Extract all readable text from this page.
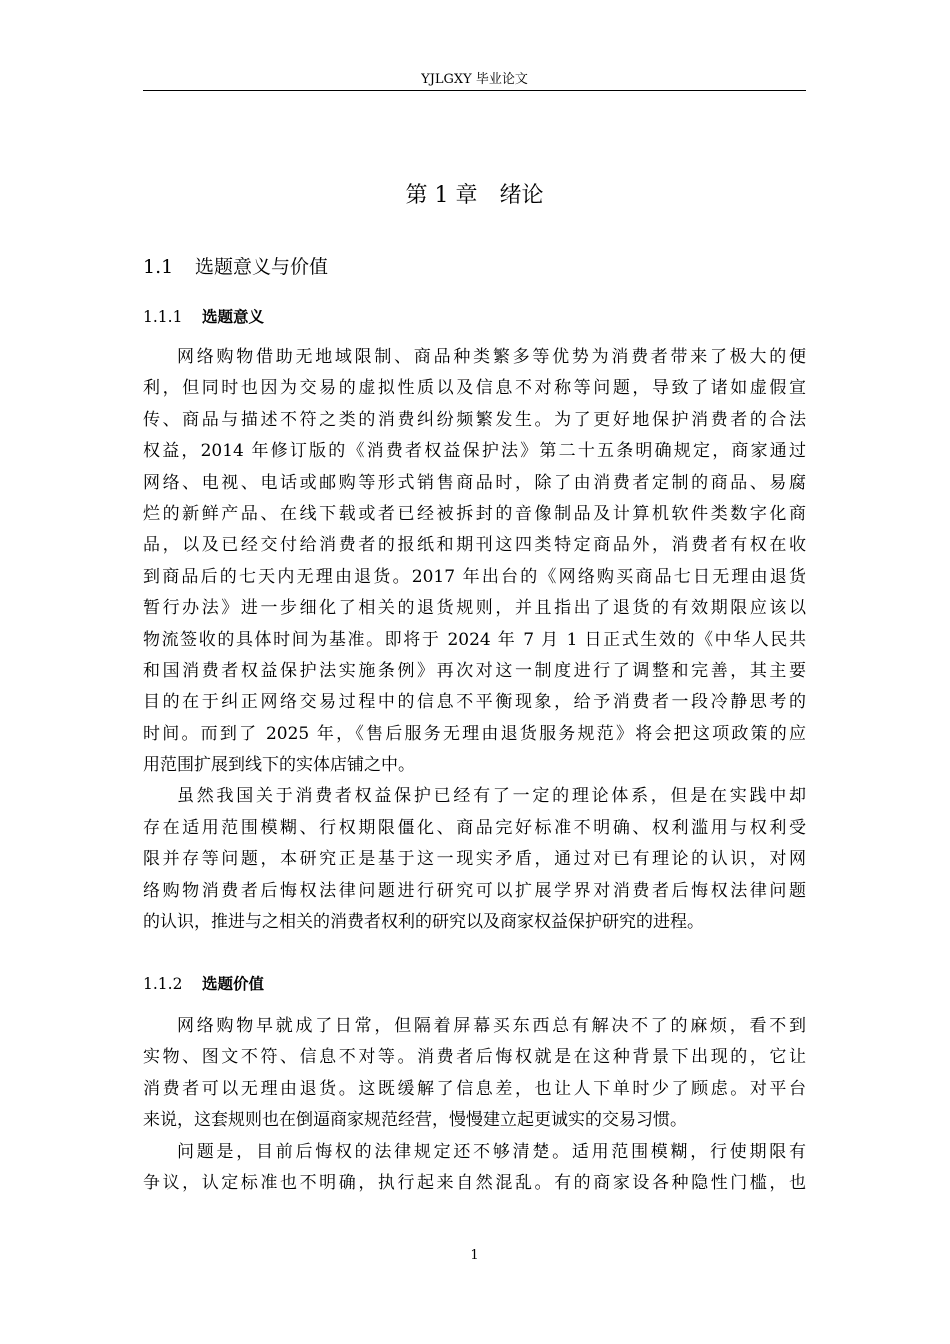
YJLGXY 毕业论文
第 1 章　绪论
1.1 选题意义与价值
1.1.1 选题意义
网络购物借助无地域限制、商品种类繁多等优势为消费者带来了极大的便
利，但同时也因为交易的虚拟性质以及信息不对称等问题，导致了诸如虚假宣
传、商品与描述不符之类的消费纠纷频繁发生。为了更好地保护消费者的合法
权益，2014 年修订版的《消费者权益保护法》第二十五条明确规定，商家通过
网络、电视、电话或邮购等形式销售商品时，除了由消费者定制的商品、易腐
烂的新鲜产品、在线下载或者已经被拆封的音像制品及计算机软件类数字化商
品，以及已经交付给消费者的报纸和期刊这四类特定商品外，消费者有权在收
到商品后的七天内无理由退货。2017 年出台的《网络购买商品七日无理由退货
暂行办法》进一步细化了相关的退货规则，并且指出了退货的有效期限应该以
物流签收的具体时间为基准。即将于 2024 年 7 月 1 日正式生效的《中华人民共
和国消费者权益保护法实施条例》再次对这一制度进行了调整和完善，其主要
目的在于纠正网络交易过程中的信息不平衡现象，给予消费者一段冷静思考的
时间。而到了 2025 年，《售后服务无理由退货服务规范》将会把这项政策的应
用范围扩展到线下的实体店铺之中。
虽然我国关于消费者权益保护已经有了一定的理论体系，但是在实践中却
存在适用范围模糊、行权期限僵化、商品完好标准不明确、权利滥用与权利受
限并存等问题，本研究正是基于这一现实矛盾，通过对已有理论的认识，对网
络购物消费者后悔权法律问题进行研究可以扩展学界对消费者后悔权法律问题
的认识，推进与之相关的消费者权利的研究以及商家权益保护研究的进程。
1.1.2 选题价值
网络购物早就成了日常，但隔着屏幕买东西总有解决不了的麻烦，看不到
实物、图文不符、信息不对等。消费者后悔权就是在这种背景下出现的，它让
消费者可以无理由退货。这既缓解了信息差，也让人下单时少了顾虑。对平台
来说，这套规则也在倒逼商家规范经营，慢慢建立起更诚实的交易习惯。
问题是，目前后悔权的法律规定还不够清楚。适用范围模糊，行使期限有
争议，认定标准也不明确，执行起来自然混乱。有的商家设各种隐性门槛，也
1
